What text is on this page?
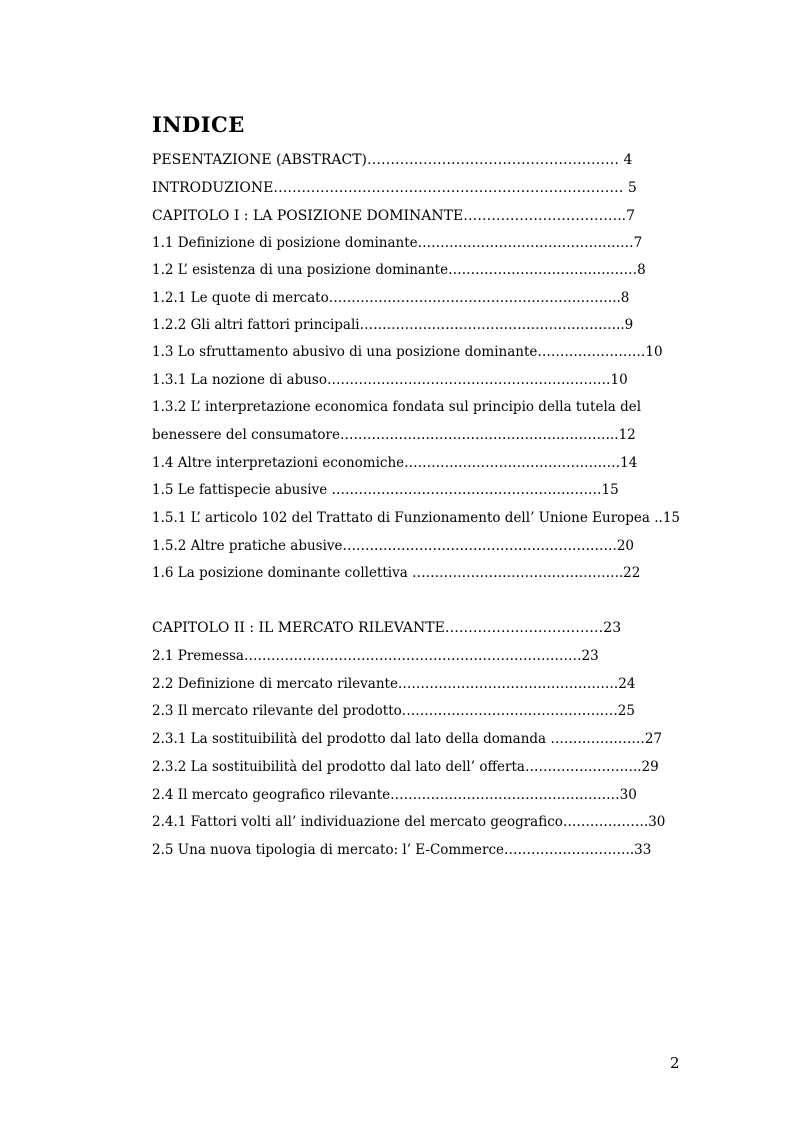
INDICE
PESENTAZIONE (ABSTRACT)……………………………………………… 4
INTRODUZIONE………………………………………………………………… 5
CAPITOLO I : LA POSIZIONE DOMINANTE……………………………..7
1.1 Definizione di posizione dominante…………………………………………7
1.2 L’ esistenza di una posizione dominante……………………………………8
1.2.1 Le quote di mercato………………………………………………………..8
1.2.2 Gli altri fattori principali…………………………………………………..9
1.3 Lo sfruttamento abusivo di una posizione dominante……………………10
1.3.1 La nozione di abuso………………………………………………………10
1.3.2 L’ interpretazione economica fondata sul principio della tutela del
benessere del consumatore……………………………………………………..12
1.4 Altre interpretazioni economiche…………………………………………14
1.5 Le fattispecie abusive ……………………………………………………15
1.5.1 L’ articolo 102 del Trattato di Funzionamento dell’ Unione Europea ..15
1.5.2 Altre pratiche abusive…………………………………………………….20
1.6 La posizione dominante collettiva ………………………………………..22
CAPITOLO II : IL MERCATO RILEVANTE…………….………………23
2.1 Premessa…………………………………………………………………23
2.2 Definizione di mercato rilevante………………………………………….24
2.3 Il mercato rilevante del prodotto…………………………………………25
2.3.1 La sostituibilità del prodotto dal lato della domanda …………………27
2.3.2 La sostituibilità del prodotto dal lato dell’ offerta……………………..29
2.4 Il mercato geografico rilevante……………………………………………30
2.4.1 Fattori volti all’ individuazione del mercato geografico……………….30
2.5 Una nuova tipologia di mercato: l’ E-Commerce………………………..33
2
